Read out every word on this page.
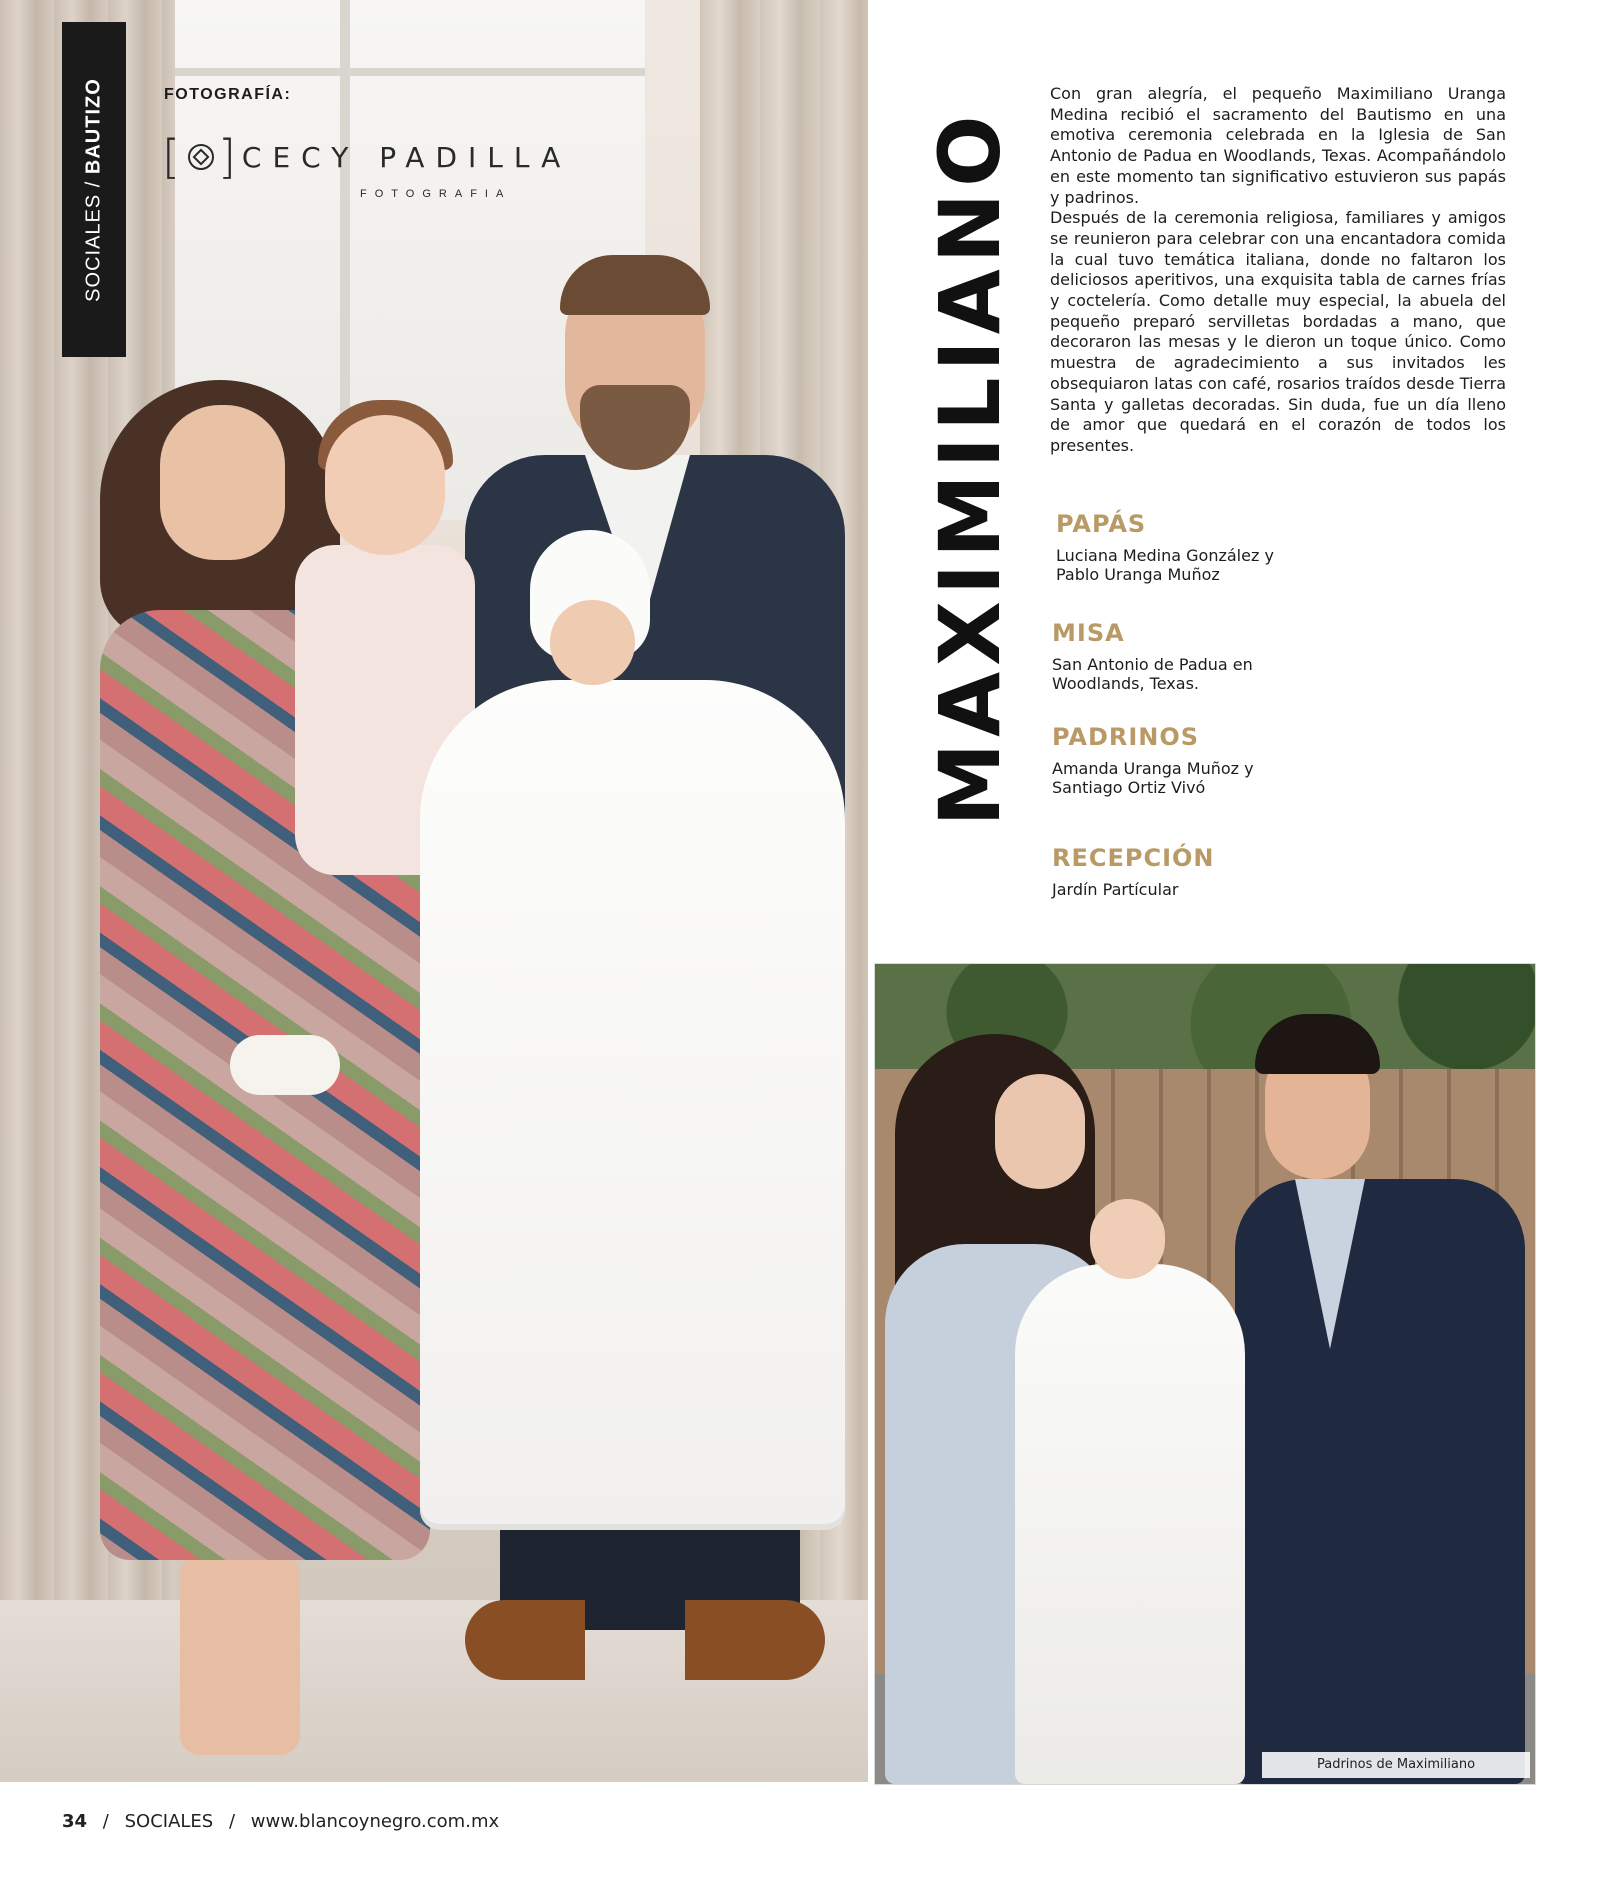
SOCIALES / BAUTIZO	FOTOGRAFÍA:
[ ] CECY PADILLA
FOTOGRAFIA	MAXIMILIANO

Con gran alegría, el pequeño Maximiliano Uranga Medina recibió el sacramento del Bautismo en una emotiva ceremonia celebrada en la Iglesia de San Antonio de Padua en Woodlands, Texas. Acompañándolo en este momento tan significativo estuvieron sus papás y padrinos.

Después de la ceremonia religiosa, familiares y amigos se reunieron para celebrar con una encantadora comida la cual tuvo temática italiana, donde no faltaron los deliciosos aperitivos, una exquisita tabla de carnes frías y coctelería. Como detalle muy especial, la abuela del pequeño preparó servilletas bordadas a mano, que decoraron las mesas y le dieron un toque único. Como muestra de agradecimiento a sus invitados les obsequiaron latas con café, rosarios traídos desde Tierra Santa y galletas decoradas. Sin duda, fue un día lleno de amor que quedará en el corazón de todos los presentes.

PAPÁS
Luciana Medina González y
Pablo Uranga Muñoz
MISA
San Antonio de Padua en
Woodlands, Texas.
PADRINOS
Amanda Uranga Muñoz y
Santiago Ortiz Vivó
RECEPCIÓN
Jardín Partícular
Padrinos de Maximiliano
34 / SOCIALES / www.blancoynegro.com.mx
